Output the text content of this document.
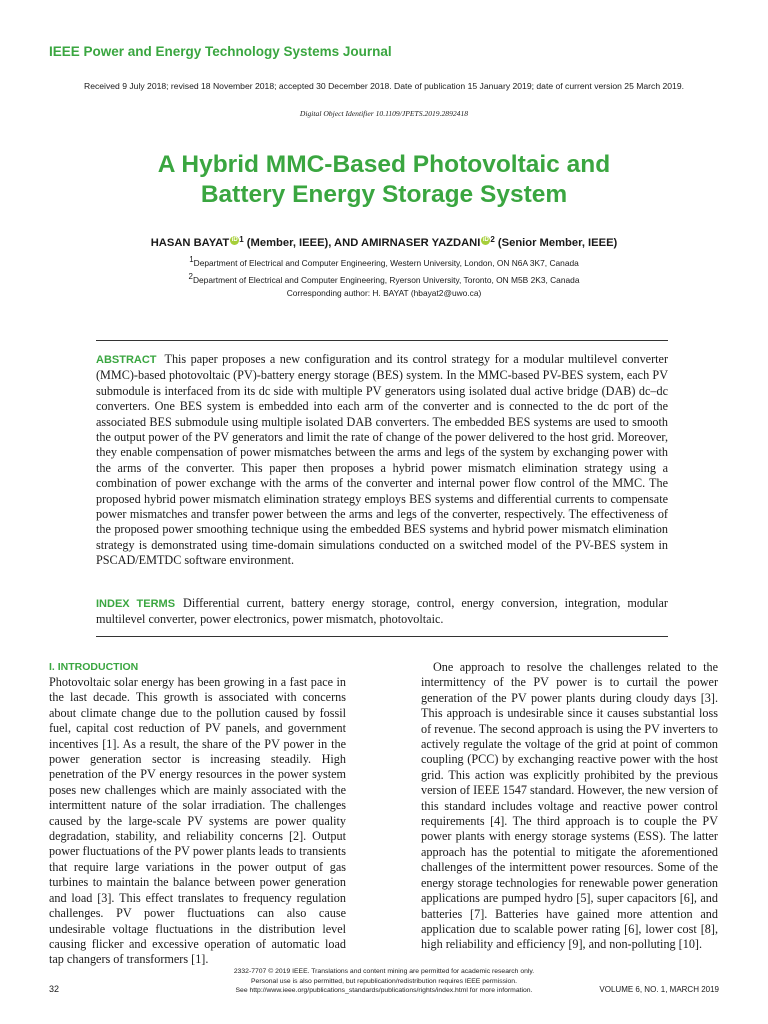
IEEE Power and Energy Technology Systems Journal
Received 9 July 2018; revised 18 November 2018; accepted 30 December 2018. Date of publication 15 January 2019; date of current version 25 March 2019.
Digital Object Identifier 10.1109/JPETS.2019.2892418
A Hybrid MMC-Based Photovoltaic and
Battery Energy Storage System
HASAN BAYAT iD $^1$ (Member, IEEE), AND AMIRNASER YAZDANI iD $^2$ (Senior Member, IEEE)
1Department of Electrical and Computer Engineering, Western University, London, ON N6A 3K7, Canada
2Department of Electrical and Computer Engineering, Ryerson University, Toronto, ON M5B 2K3, Canada
Corresponding author: H. BAYAT (hbayat2@uwo.ca)
ABSTRACT This paper proposes a new configuration and its control strategy for a modular multilevel converter (MMC)-based photovoltaic (PV)-battery energy storage (BES) system. In the MMC-based PV-BES system, each PV submodule is interfaced from its dc side with multiple PV generators using isolated dual active bridge (DAB) dc–dc converters. One BES system is embedded into each arm of the converter and is connected to the dc port of the associated BES submodule using multiple isolated DAB converters. The embedded BES systems are used to smooth the output power of the PV generators and limit the rate of change of the power delivered to the host grid. Moreover, they enable compensation of power mismatches between the arms and legs of the system by exchanging power with the arms of the converter. This paper then proposes a hybrid power mismatch elimination strategy using a combination of power exchange with the arms of the converter and internal power flow control of the MMC. The proposed hybrid power mismatch elimination strategy employs BES systems and differential currents to compensate power mismatches and transfer power between the arms and legs of the converter, respectively. The effectiveness of the proposed power smoothing technique using the embedded BES systems and hybrid power mismatch elimination strategy is demonstrated using time-domain simulations conducted on a switched model of the PV-BES system in PSCAD/EMTDC software environment.
INDEX TERMS Differential current, battery energy storage, control, energy conversion, integration, modular multilevel converter, power electronics, power mismatch, photovoltaic.
I. INTRODUCTION
Photovoltaic solar energy has been growing in a fast pace in the last decade. This growth is associated with concerns about climate change due to the pollution caused by fossil fuel, capital cost reduction of PV panels, and government incentives [1]. As a result, the share of the PV power in the power generation sector is increasing steadily. High penetration of the PV energy resources in the power system poses new challenges which are mainly associated with the intermittent nature of the solar irradiation. The challenges caused by the large-scale PV systems are power quality degradation, stability, and reliability concerns [2]. Output power fluctuations of the PV power plants leads to transients that require large variations in the power output of gas turbines to maintain the balance between power generation and load [3]. This effect translates to frequency regulation challenges. PV power fluctuations can also cause undesirable voltage fluctuations in the distribution level causing flicker and excessive operation of automatic load tap changers of transformers [1].
One approach to resolve the challenges related to the intermittency of the PV power is to curtail the power generation of the PV power plants during cloudy days [3]. This approach is undesirable since it causes substantial loss of revenue. The second approach is using the PV inverters to actively regulate the voltage of the grid at point of common coupling (PCC) by exchanging reactive power with the host grid. This action was explicitly prohibited by the previous version of IEEE 1547 standard. However, the new version of this standard includes voltage and reactive power control requirements [4]. The third approach is to couple the PV power plants with energy storage systems (ESS). The latter approach has the potential to mitigate the aforementioned challenges of the intermittent power resources. Some of the energy storage technologies for renewable power generation applications are pumped hydro [5], super capacitors [6], and batteries [7]. Batteries have gained more attention and application due to scalable power rating [6], lower cost [8], high reliability and efficiency [9], and non-polluting [10].
2332-7707 © 2019 IEEE. Translations and content mining are permitted for academic research only.
Personal use is also permitted, but republication/redistribution requires IEEE permission.
See http://www.ieee.org/publications_standards/publications/rights/index.html for more information.
32	VOLUME 6, NO. 1, MARCH 2019
